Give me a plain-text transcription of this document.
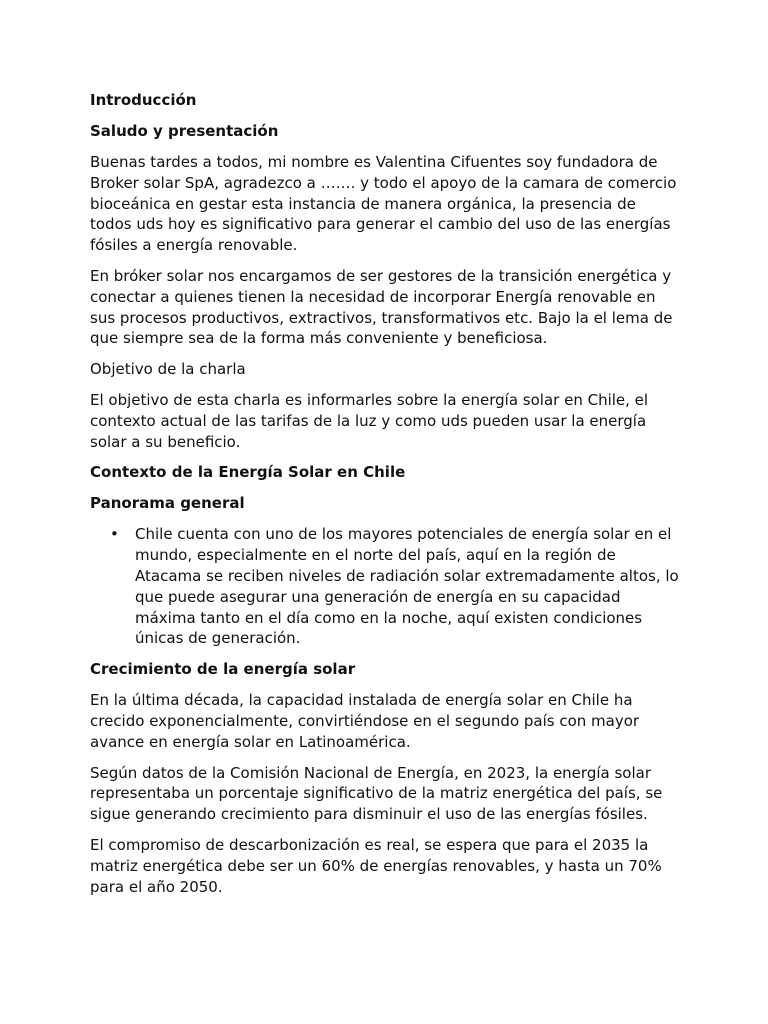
Introducción
Saludo y presentación

Buenas tardes a todos, mi nombre es Valentina Cifuentes soy fundadora de Broker solar SpA, agradezco a ……. y todo el apoyo de la camara de comercio bioceánica en gestar esta instancia de manera orgánica, la presencia de todos uds hoy es significativo para generar el cambio del uso de las energías fósiles a energía renovable.

En bróker solar nos encargamos de ser gestores de la transición energética y conectar a quienes tienen la necesidad de incorporar Energía renovable en sus procesos productivos, extractivos, transformativos etc. Bajo la el lema de que siempre sea de la forma más conveniente y beneficiosa.

Objetivo de la charla

El objetivo de esta charla es informarles sobre la energía solar en Chile, el contexto actual de las tarifas de la luz y como uds pueden usar la energía solar a su beneficio.

Contexto de la Energía Solar en Chile
Panorama general
• Chile cuenta con uno de los mayores potenciales de energía solar en el mundo, especialmente en el norte del país, aquí en la región de Atacama se reciben niveles de radiación solar extremadamente altos, lo que puede asegurar una generación de energía en su capacidad máxima tanto en el día como en la noche, aquí existen condiciones únicas de generación.
Crecimiento de la energía solar

En la última década, la capacidad instalada de energía solar en Chile ha crecido exponencialmente, convirtiéndose en el segundo país con mayor avance en energía solar en Latinoamérica.

Según datos de la Comisión Nacional de Energía, en 2023, la energía solar representaba un porcentaje significativo de la matriz energética del país, se sigue generando crecimiento para disminuir el uso de las energías fósiles.

El compromiso de descarbonización es real, se espera que para el 2035 la matriz energética debe ser un 60% de energías renovables, y hasta un 70% para el año 2050.
